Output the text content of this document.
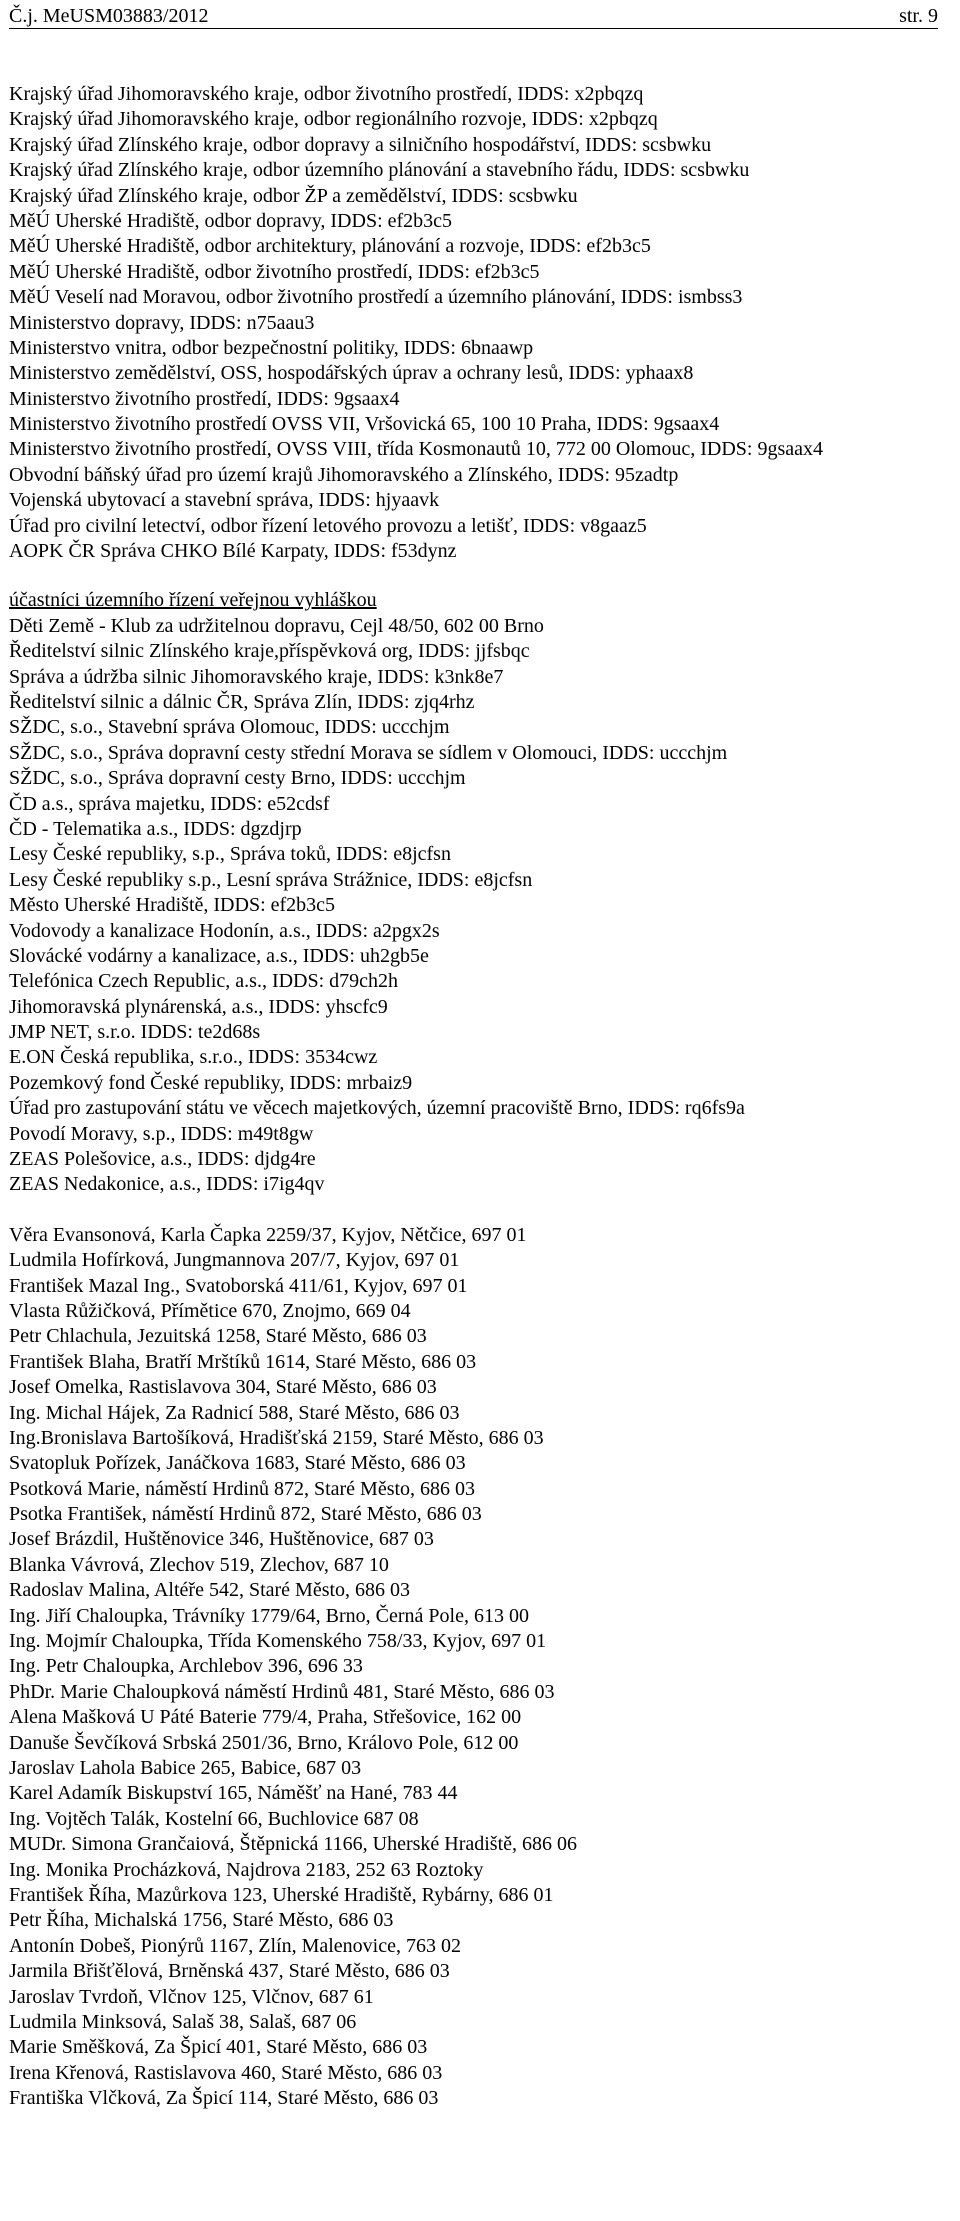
Č.j. MeUSM03883/2012	str. 9
Krajský úřad Jihomoravského kraje, odbor životního prostředí, IDDS: x2pbqzq
Krajský úřad Jihomoravského kraje, odbor regionálního rozvoje, IDDS: x2pbqzq
Krajský úřad Zlínského kraje, odbor dopravy a silničního hospodářství, IDDS: scsbwku
Krajský úřad Zlínského kraje, odbor územního plánování a stavebního řádu, IDDS: scsbwku
Krajský úřad Zlínského kraje, odbor ŽP a zemědělství, IDDS: scsbwku
MěÚ Uherské Hradiště, odbor dopravy, IDDS: ef2b3c5
MěÚ Uherské Hradiště, odbor architektury, plánování a rozvoje, IDDS: ef2b3c5
MěÚ Uherské Hradiště, odbor životního prostředí, IDDS: ef2b3c5
MěÚ Veselí nad Moravou, odbor životního prostředí a územního plánování, IDDS: ismbss3
Ministerstvo dopravy, IDDS: n75aau3
Ministerstvo vnitra, odbor bezpečnostní politiky, IDDS: 6bnaawp
Ministerstvo zemědělství, OSS, hospodářských úprav a ochrany lesů, IDDS: yphaax8
Ministerstvo životního prostředí, IDDS: 9gsaax4
Ministerstvo životního prostředí OVSS VII, Vršovická 65, 100 10 Praha, IDDS: 9gsaax4
Ministerstvo životního prostředí, OVSS VIII, třída Kosmonautů 10, 772 00 Olomouc, IDDS: 9gsaax4
Obvodní báňský úřad pro území krajů Jihomoravského a Zlínského, IDDS: 95zadtp
Vojenská ubytovací a stavební správa, IDDS: hjyaavk
Úřad pro civilní letectví, odbor řízení letového provozu a letišť, IDDS: v8gaaz5
AOPK ČR Správa CHKO Bílé Karpaty, IDDS: f53dynz
účastníci územního řízení veřejnou vyhláškou
Děti Země - Klub za udržitelnou dopravu, Cejl 48/50, 602 00 Brno
Ředitelství silnic Zlínského kraje,příspěvková org, IDDS: jjfsbqc
Správa a údržba silnic Jihomoravského kraje, IDDS: k3nk8e7
Ředitelství silnic a dálnic ČR, Správa Zlín, IDDS: zjq4rhz
SŽDC, s.o., Stavební správa Olomouc, IDDS: uccchjm
SŽDC, s.o., Správa dopravní cesty střední Morava se sídlem v Olomouci, IDDS: uccchjm
SŽDC, s.o., Správa dopravní cesty Brno, IDDS: uccchjm
ČD a.s., správa majetku, IDDS: e52cdsf
ČD - Telematika a.s., IDDS: dgzdjrp
Lesy České republiky, s.p., Správa toků, IDDS: e8jcfsn
Lesy České republiky s.p., Lesní správa Strážnice, IDDS: e8jcfsn
Město Uherské Hradiště, IDDS: ef2b3c5
Vodovody a kanalizace Hodonín, a.s., IDDS: a2pgx2s
Slovácké vodárny a kanalizace, a.s., IDDS: uh2gb5e
Telefónica Czech Republic, a.s., IDDS: d79ch2h
Jihomoravská plynárenská, a.s., IDDS: yhscfc9
JMP NET, s.r.o. IDDS: te2d68s
E.ON Česká republika, s.r.o., IDDS: 3534cwz
Pozemkový fond České republiky, IDDS: mrbaiz9
Úřad pro zastupování státu ve věcech majetkových, územní pracoviště Brno, IDDS: rq6fs9a
Povodí Moravy, s.p., IDDS: m49t8gw
ZEAS Polešovice, a.s., IDDS: djdg4re
ZEAS Nedakonice, a.s., IDDS: i7ig4qv
Věra Evansonová, Karla Čapka 2259/37, Kyjov, Nětčice, 697 01
Ludmila Hofírková, Jungmannova 207/7, Kyjov, 697 01
František Mazal Ing., Svatoborská 411/61, Kyjov, 697 01
Vlasta Růžičková, Přímětice 670, Znojmo, 669 04
Petr Chlachula, Jezuitská 1258, Staré Město, 686 03
František Blaha, Bratří Mrštíků 1614, Staré Město, 686 03
Josef Omelka, Rastislavova 304, Staré Město, 686 03
Ing. Michal Hájek, Za Radnicí 588, Staré Město, 686 03
Ing.Bronislava Bartošíková, Hradišťská 2159, Staré Město, 686 03
Svatopluk Pořízek, Janáčkova 1683, Staré Město, 686 03
Psotková Marie, náměstí Hrdinů 872, Staré Město, 686 03
Psotka František, náměstí Hrdinů 872, Staré Město, 686 03
Josef Brázdil, Huštěnovice 346, Huštěnovice, 687 03
Blanka Vávrová, Zlechov 519, Zlechov, 687 10
Radoslav Malina, Altéře 542, Staré Město, 686 03
Ing. Jiří Chaloupka, Trávníky 1779/64, Brno, Černá Pole, 613 00
Ing. Mojmír Chaloupka, Třída Komenského 758/33, Kyjov, 697 01
Ing. Petr Chaloupka, Archlebov 396, 696 33
PhDr. Marie Chaloupková náměstí Hrdinů 481, Staré Město, 686 03
Alena Mašková U Páté Baterie 779/4, Praha, Střešovice, 162 00
Danuše Ševčíková Srbská 2501/36, Brno, Královo Pole, 612 00
Jaroslav Lahola Babice 265, Babice, 687 03
Karel Adamík Biskupství 165, Náměšť na Hané, 783 44
Ing. Vojtěch Talák, Kostelní 66, Buchlovice 687 08
MUDr. Simona Grančaiová, Štěpnická 1166, Uherské Hradiště, 686 06
Ing. Monika Procházková, Najdrova 2183, 252 63 Roztoky
František Říha, Mazůrkova 123, Uherské Hradiště, Rybárny, 686 01
Petr Říha, Michalská 1756, Staré Město, 686 03
Antonín Dobeš, Pionýrů 1167, Zlín, Malenovice, 763 02
Jarmila Břišťělová, Brněnská 437, Staré Město, 686 03
Jaroslav Tvrdoň, Vlčnov 125, Vlčnov, 687 61
Ludmila Minksová, Salaš 38, Salaš, 687 06
Marie Směšková, Za Špicí 401, Staré Město, 686 03
Irena Křenová, Rastislavova 460, Staré Město, 686 03
Františka Vlčková, Za Špicí 114, Staré Město, 686 03
